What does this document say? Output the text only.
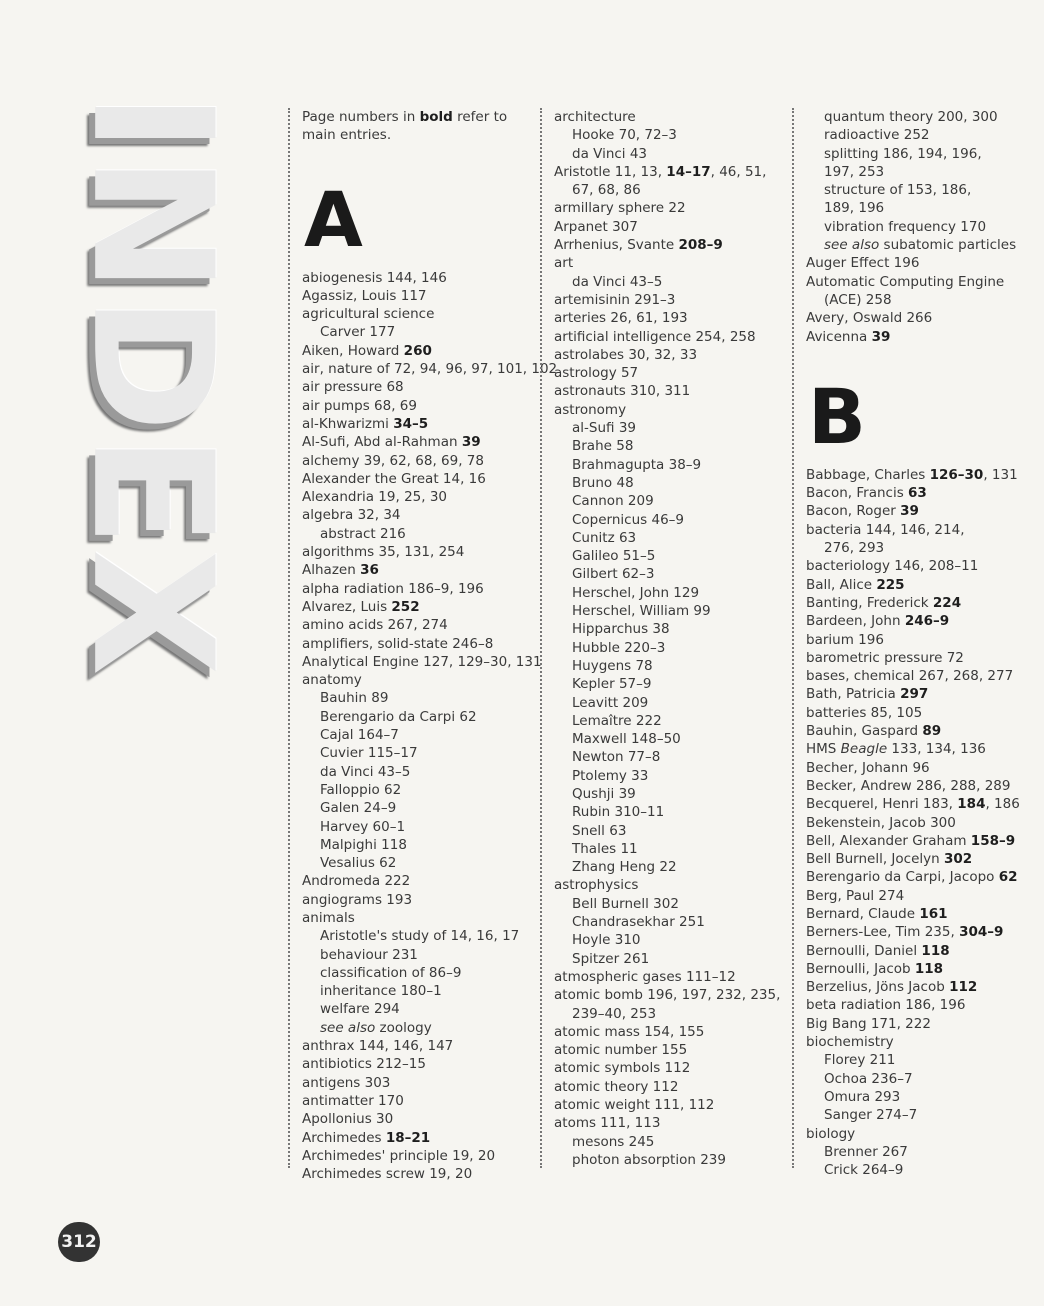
INDEX	Page numbers in bold refer to main entries.
A
abiogenesis 144, 146
Agassiz, Louis 117
agricultural science
Carver 177
Aiken, Howard 260
air, nature of 72, 94, 96, 97, 101, 102
air pressure 68
air pumps 68, 69
al-Khwarizmi 34–5
Al-Sufi, Abd al-Rahman 39
alchemy 39, 62, 68, 69, 78
Alexander the Great 14, 16
Alexandria 19, 25, 30
algebra 32, 34
abstract 216
algorithms 35, 131, 254
Alhazen 36
alpha radiation 186–9, 196
Alvarez, Luis 252
amino acids 267, 274
amplifiers, solid-state 246–8
Analytical Engine 127, 129–30, 131
anatomy
Bauhin 89
Berengario da Carpi 62
Cajal 164–7
Cuvier 115–17
da Vinci 43–5
Falloppio 62
Galen 24–9
Harvey 60–1
Malpighi 118
Vesalius 62
Andromeda 222
angiograms 193
animals
Aristotle's study of 14, 16, 17
behaviour 231
classification of 86–9
inheritance 180–1
welfare 294
see also zoology
anthrax 144, 146, 147
antibiotics 212–15
antigens 303
antimatter 170
Apollonius 30
Archimedes 18–21
Archimedes' principle 19, 20
Archimedes screw 19, 20
architecture
Hooke 70, 72–3
da Vinci 43
Aristotle 11, 13, 14–17, 46, 51,
67, 68, 86
armillary sphere 22
Arpanet 307
Arrhenius, Svante 208–9
art
da Vinci 43–5
artemisinin 291–3
arteries 26, 61, 193
artificial intelligence 254, 258
astrolabes 30, 32, 33
astrology 57
astronauts 310, 311
astronomy
al-Sufi 39
Brahe 58
Brahmagupta 38–9
Bruno 48
Cannon 209
Copernicus 46–9
Cunitz 63
Galileo 51–5
Gilbert 62–3
Herschel, John 129
Herschel, William 99
Hipparchus 38
Hubble 220–3
Huygens 78
Kepler 57–9
Leavitt 209
Lemaître 222
Maxwell 148–50
Newton 77–8
Ptolemy 33
Qushji 39
Rubin 310–11
Snell 63
Thales 11
Zhang Heng 22
astrophysics
Bell Burnell 302
Chandrasekhar 251
Hoyle 310
Spitzer 261
atmospheric gases 111–12
atomic bomb 196, 197, 232, 235,
239–40, 253
atomic mass 154, 155
atomic number 155
atomic symbols 112
atomic theory 112
atomic weight 111, 112
atoms 111, 113
mesons 245
photon absorption 239
quantum theory 200, 300
radioactive 252
splitting 186, 194, 196,
197, 253
structure of 153, 186,
189, 196
vibration frequency 170
see also subatomic particles
Auger Effect 196
Automatic Computing Engine
(ACE) 258
Avery, Oswald 266
Avicenna 39
B
Babbage, Charles 126–30, 131
Bacon, Francis 63
Bacon, Roger 39
bacteria 144, 146, 214,
276, 293
bacteriology 146, 208–11
Ball, Alice 225
Banting, Frederick 224
Bardeen, John 246–9
barium 196
barometric pressure 72
bases, chemical 267, 268, 277
Bath, Patricia 297
batteries 85, 105
Bauhin, Gaspard 89
HMS Beagle 133, 134, 136
Becher, Johann 96
Becker, Andrew 286, 288, 289
Becquerel, Henri 183, 184, 186
Bekenstein, Jacob 300
Bell, Alexander Graham 158–9
Bell Burnell, Jocelyn 302
Berengario da Carpi, Jacopo 62
Berg, Paul 274
Bernard, Claude 161
Berners-Lee, Tim 235, 304–9
Bernoulli, Daniel 118
Bernoulli, Jacob 118
Berzelius, Jöns Jacob 112
beta radiation 186, 196
Big Bang 171, 222
biochemistry
Florey 211
Ochoa 236–7
Omura 293
Sanger 274–7
biology
Brenner 267
Crick 264–9
312
